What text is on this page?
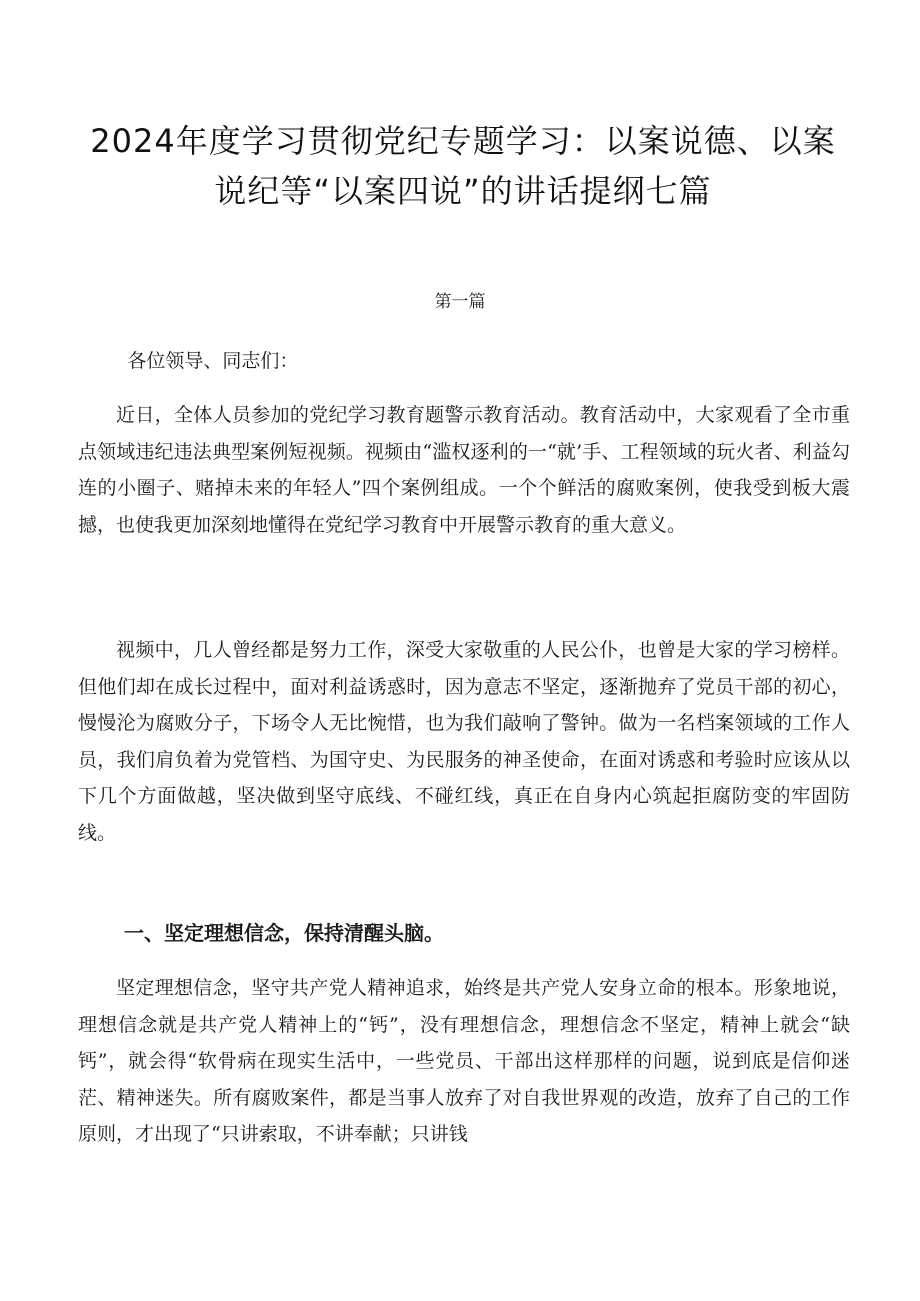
2024年度学习贯彻党纪专题学习：以案说德、以案说纪等“以案四说”的讲话提纲七篇

第一篇

各位领导、同志们：

近日，全体人员参加的党纪学习教育题警示教育活动。教育活动中，大家观看了全市重点领域违纪违法典型案例短视频。视频由“滥权逐利的一“就’手、工程领域的玩火者、利益勾连的小圈子、赌掉未来的年轻人”四个案例组成。一个个鲜活的腐败案例，使我受到板大震撼，也使我更加深刻地懂得在党纪学习教育中开展警示教育的重大意义。

视频中，几人曾经都是努力工作，深受大家敬重的人民公仆，也曾是大家的学习榜样。但他们却在成长过程中，面对利益诱惑时，因为意志不坚定，逐渐抛弃了党员干部的初心，慢慢沦为腐败分子，下场令人无比惋惜，也为我们敲响了警钟。做为一名档案领域的工作人员，我们肩负着为党管档、为国守史、为民服务的神圣使命，在面对诱惑和考验时应该从以下几个方面做越，坚决做到坚守底线、不碰红线，真正在自身内心筑起拒腐防变的牢固防线。

一、坚定理想信念，保持清醒头脑。

坚定理想信念，坚守共产党人精神追求，始终是共产党人安身立命的根本。形象地说，理想信念就是共产党人精神上的“钙”，没有理想信念，理想信念不坚定，精神上就会“缺钙”，就会得“软骨病在现实生活中，一些党员、干部出这样那样的问题，说到底是信仰迷茫、精神迷失。所有腐败案件，都是当事人放弃了对自我世界观的改造，放弃了自己的工作原则，才出现了“只讲索取，不讲奉献；只讲钱
